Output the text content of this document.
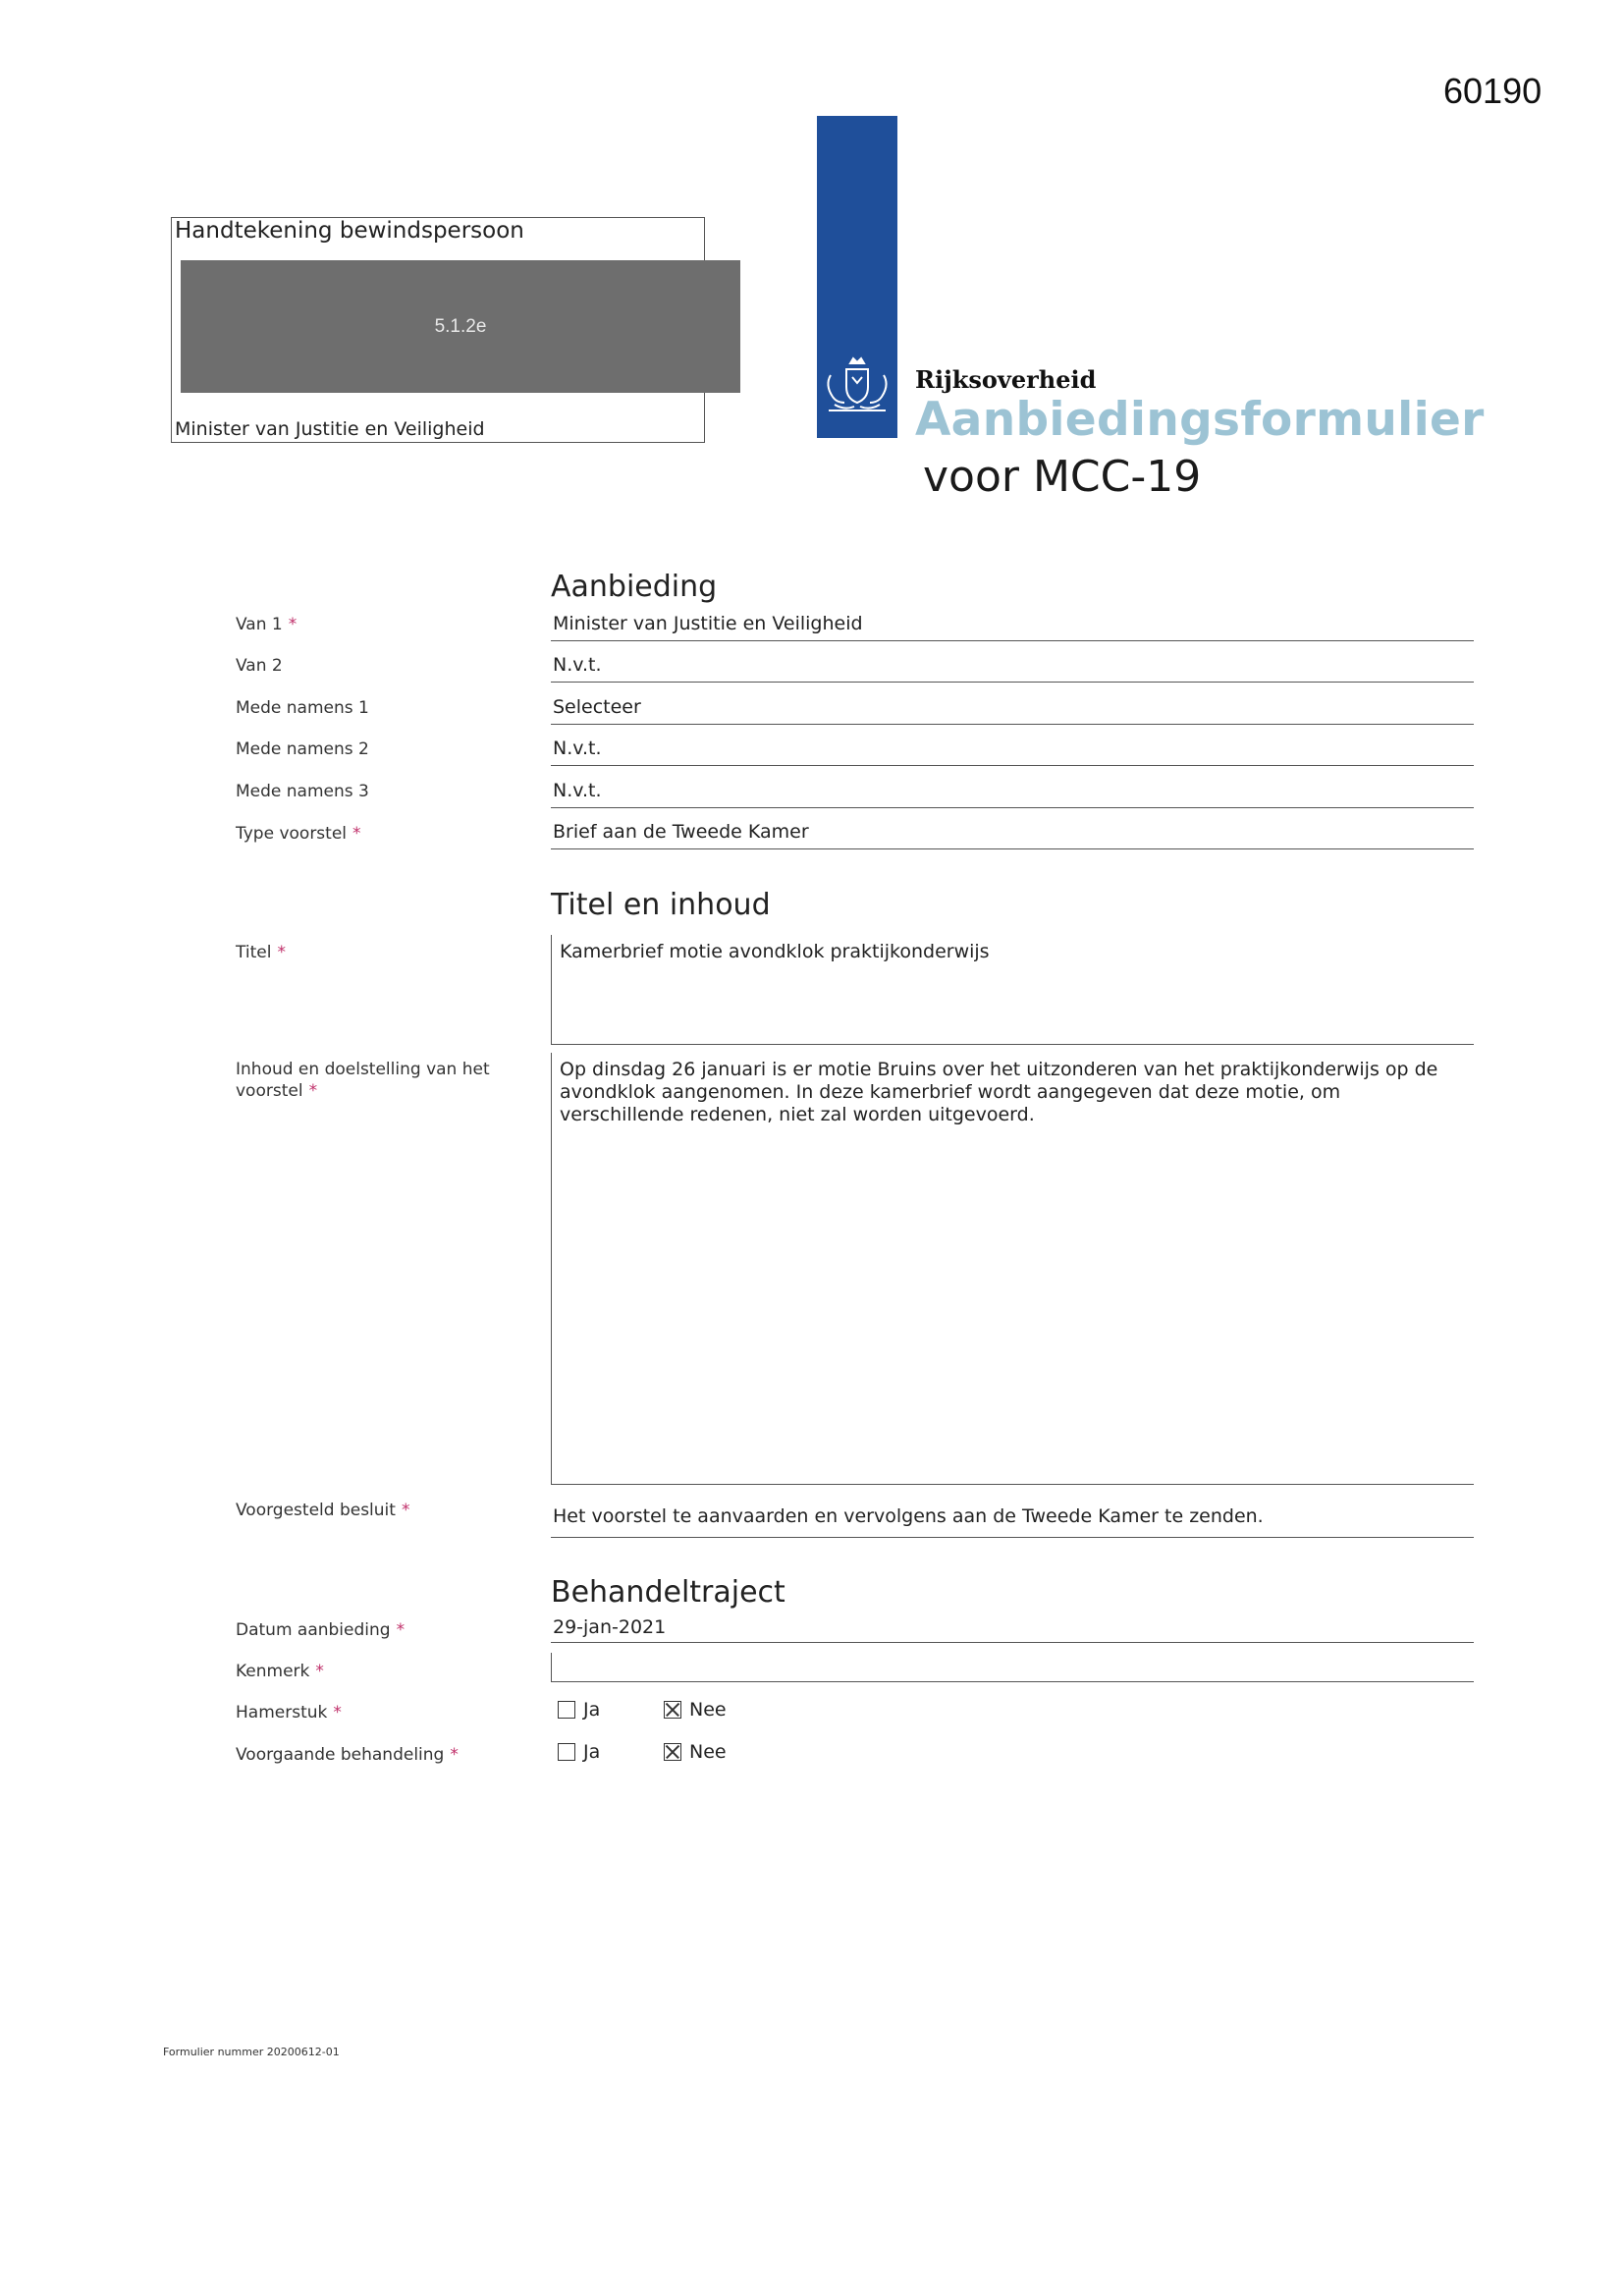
60190
Handtekening bewindspersoon
5.1.2e
Minister van Justitie en Veiligheid
Rijksoverheid
Aanbiedingsformulier
voor MCC-19
Aanbieding
Van 1 *	Minister van Justitie en Veiligheid
Van 2	N.v.t.
Mede namens 1	Selecteer
Mede namens 2	N.v.t.
Mede namens 3	N.v.t.
Type voorstel *	Brief aan de Tweede Kamer
Titel en inhoud
Titel *	Kamerbrief motie avondklok praktijkonderwijs
Inhoud en doelstelling van het voorstel *
Op dinsdag 26 januari is er motie Bruins over het uitzonderen van het praktijkonderwijs op de avondklok aangenomen. In deze kamerbrief wordt aangegeven dat deze motie, om verschillende redenen, niet zal worden uitgevoerd.
Voorgesteld besluit *	Het voorstel te aanvaarden en vervolgens aan de Tweede Kamer te zenden.
Behandeltraject
Datum aanbieding *	29-jan-2021
Kenmerk *
Hamerstuk *	Ja	Nee
Voorgaande behandeling *	Ja	Nee
Formulier nummer 20200612-01
